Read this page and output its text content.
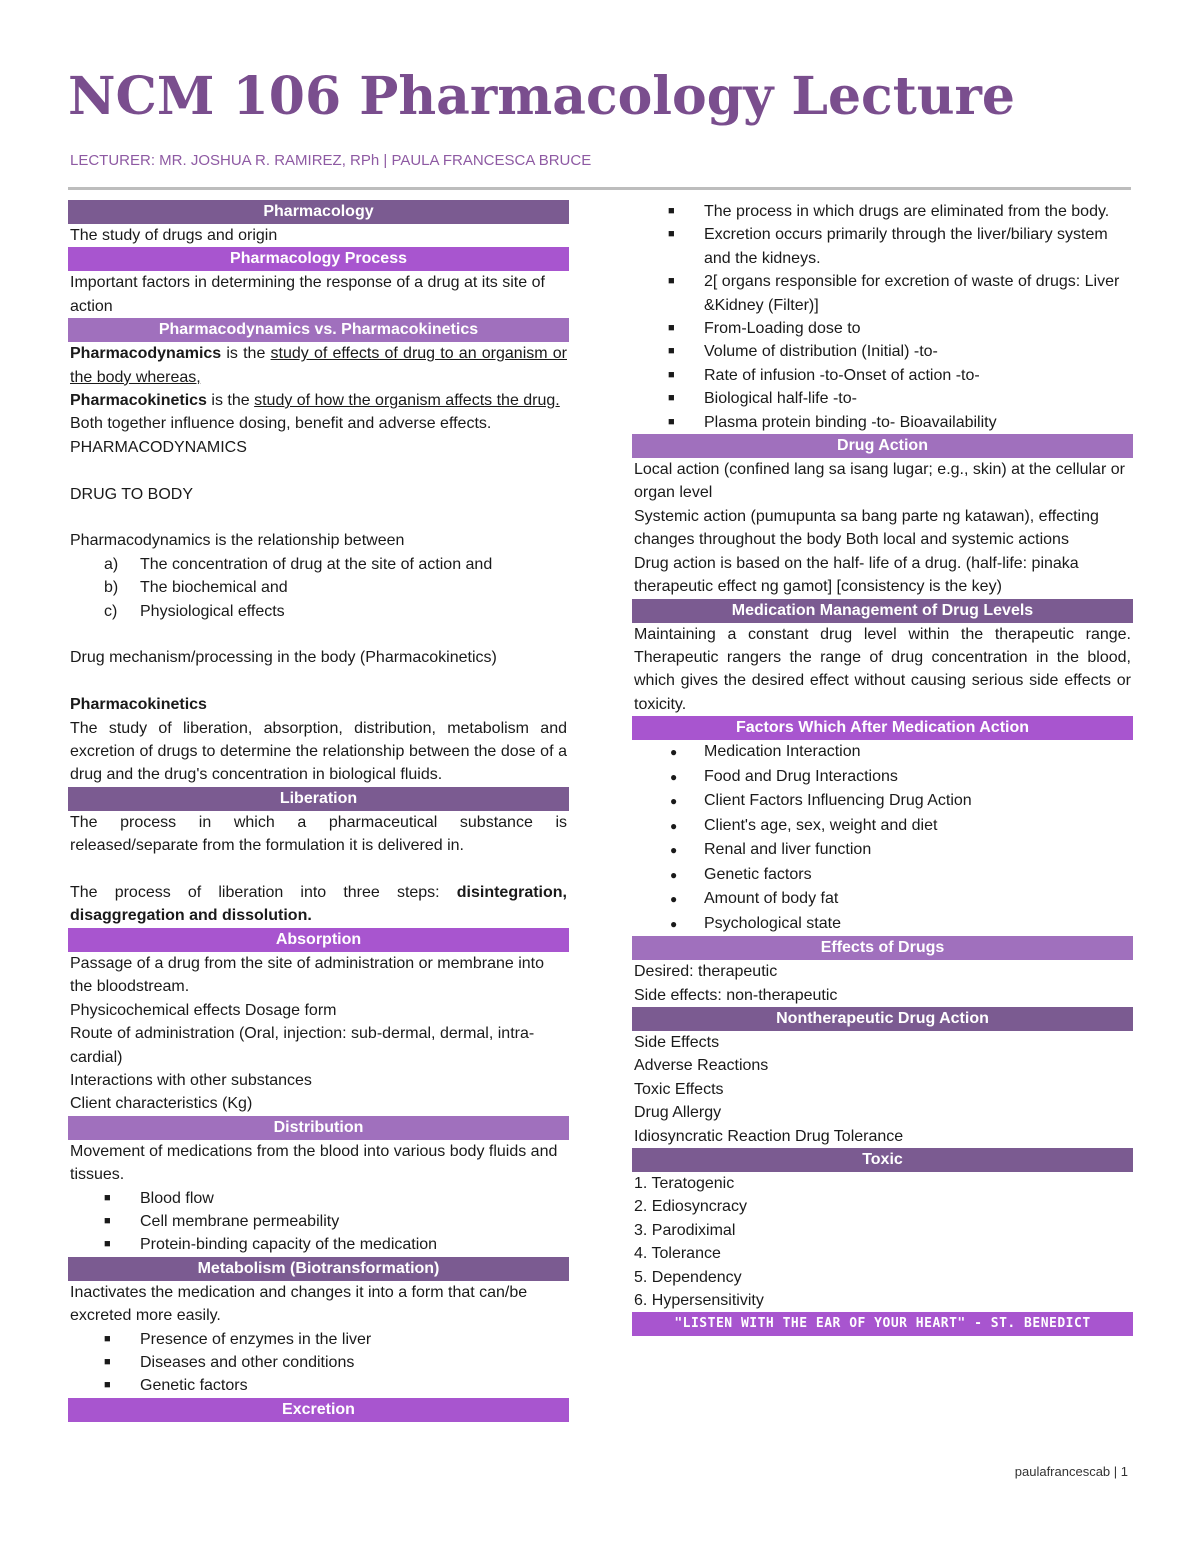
NCM 106 Pharmacology Lecture
LECTURER: MR. JOSHUA R. RAMIREZ, RPh | PAULA FRANCESCA BRUCE
Pharmacology

The study of drugs and origin

Pharmacology Process

Important factors in determining the response of a drug at its site of action

Pharmacodynamics vs. Pharmacokinetics

Pharmacodynamics is the study of effects of drug to an organism or the body whereas,

Pharmacokinetics is the study of how the organism affects the drug.

Both together influence dosing, benefit and adverse effects.

PHARMACODYNAMICS

DRUG TO BODY

Pharmacodynamics is the relationship between

a) The concentration of drug at the site of action and
b) The biochemical and
c) Physiological effects

Drug mechanism/processing in the body (Pharmacokinetics)

Pharmacokinetics

The study of liberation, absorption, distribution, metabolism and excretion of drugs to determine the relationship between the dose of a drug and the drug's concentration in biological fluids.

Liberation

The process in which a pharmaceutical substance is released/separate from the formulation it is delivered in.

The process of liberation into three steps: disintegration, disaggregation and dissolution.

Absorption

Passage of a drug from the site of administration or membrane into the bloodstream.

Physicochemical effects Dosage form

Route of administration (Oral, injection: sub-dermal, dermal, intra- cardial)

Interactions with other substances

Client characteristics (Kg)

Distribution

Movement of medications from the blood into various body fluids and tissues.

■ Blood flow
■ Cell membrane permeability
■ Protein-binding capacity of the medication
Metabolism (Biotransformation)

Inactivates the medication and changes it into a form that can/be excreted more easily.

■ Presence of enzymes in the liver
■ Diseases and other conditions
■ Genetic factors
Excretion
■ The process in which drugs are eliminated from the body.
■ Excretion occurs primarily through the liver/biliary system and the kidneys.
■ 2[ organs responsible for excretion of waste of drugs: Liver &Kidney (Filter)]
■ From-Loading dose to
■ Volume of distribution (Initial) -to-
■ Rate of infusion -to-Onset of action -to-
■ Biological half-life -to-
■ Plasma protein binding -to- Bioavailability
Drug Action

Local action (confined lang sa isang lugar; e.g., skin) at the cellular or organ level

Systemic action (pumupunta sa bang parte ng katawan), effecting changes throughout the body Both local and systemic actions

Drug action is based on the half- life of a drug. (half-life: pinaka therapeutic effect ng gamot] [consistency is the key)

Medication Management of Drug Levels

Maintaining a constant drug level within the therapeutic range. Therapeutic rangers the range of drug concentration in the blood, which gives the desired effect without causing serious side effects or toxicity.

Factors Which After Medication Action
● Medication Interaction
● Food and Drug Interactions
● Client Factors Influencing Drug Action
● Client's age, sex, weight and diet
● Renal and liver function
● Genetic factors
● Amount of body fat
● Psychological state
Effects of Drugs

Desired: therapeutic

Side effects: non-therapeutic

Nontherapeutic Drug Action

Side Effects

Adverse Reactions

Toxic Effects

Drug Allergy

Idiosyncratic Reaction Drug Tolerance

Toxic

1. Teratogenic

2. Ediosyncracy

3. Parodiximal

4. Tolerance

5. Dependency

6. Hypersensitivity

"LISTEN WITH THE EAR OF YOUR HEART" - ST. BENEDICT
paulafrancescab | 1
